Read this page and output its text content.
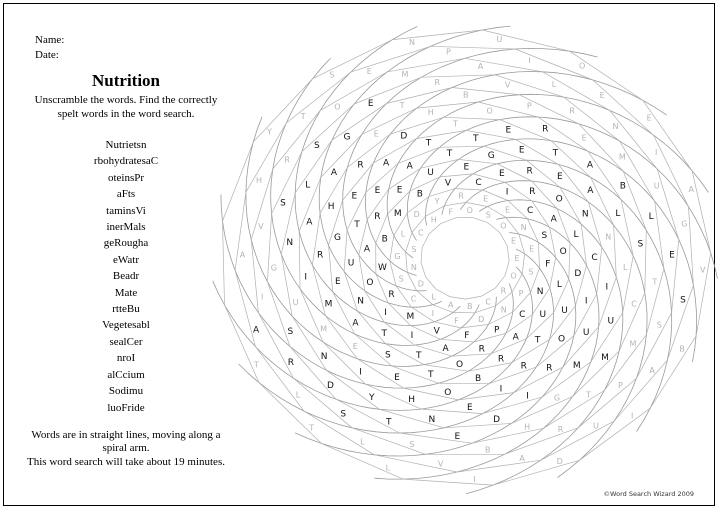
Name:
Date:
Nutrition
Unscramble the words. Find the correctly spelt words in the word search.
Nutrietsn
rbohydratesaC
oteinsPr
aFts
taminsVi
inerMals
geRougha
eWatr
Beadr
Mate
rtteBu
Vegetesabl
sealCer
nroI
alCcium
Sodimu
luoFride
Words are in straight lines, moving along a spiral arm.
This word search will take about 19 minutes.
E
S
N
U
T
R
I
E
N
T
S
L
T
O
P
C
A
R
B
O
H
Y
D
R
A
R
N
P
R
O
T
E
I
N
S
I
A
C
D
F
A
T
S
E
M
U
G
V
H
Y
B
F
V
I
T
A
M
I
N
S
R
T
S
A
I
M
I
N
E
R
A
L
S
O
E
N
L
C
R
O
U
G
H
A
G
E
M
P
U
D
S
W
A
T
E
R
E
T
R
A
I
O
N
G
B
R
E
A
D
H
B
V	L
E
E
S
L
M
E
A
T
T
O
P
R
N
I
A
C
D
B
U
T
T
E	R
E
M
U
G
V
H
Y
V
E
G
E	T
A
B
L
E
S
B
F
R
C
E R
E
A
L
S
T
S
A
I
O
E
I R
O
N
N
L
C
M
P
U
D
S
E C
A
L
C
I
U
M
T
R
A
I
O N
S
O
D
I
U
M
G
H
B
V
L
E
E
F
L
U
O
R
I
D
E
S
L
T
©Word Search Wizard 2009
